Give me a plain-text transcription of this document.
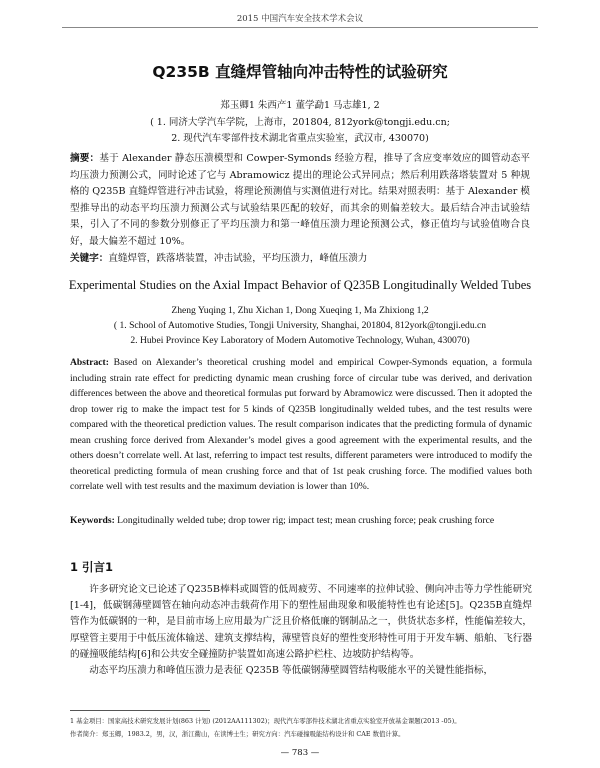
2015 中国汽车安全技术学术会议
Q235B 直缝焊管轴向冲击特性的试验研究
郑玉卿1 朱西产1 董学勐1 马志雄1, 2
( 1. 同济大学汽车学院，上海市，201804, 812york@tongji.edu.cn;
2. 现代汽车零部件技术湖北省重点实验室，武汉市, 430070)
摘要：基于 Alexander 静态压溃模型和 Cowper-Symonds 经验方程，推导了含应变率效应的圆管动态平均压溃力预测公式，同时论述了它与 Abramowicz 提出的理论公式异同点；然后利用跌落塔装置对 5 种规格的 Q235B 直缝焊管进行冲击试验，将理论预测值与实测值进行对比。结果对照表明：基于 Alexander 模型推导出的动态平均压溃力预测公式与试验结果匹配的较好，而其余的则偏差较大。最后结合冲击试验结果，引入了不同的参数分别修正了平均压溃力和第一峰值压溃力理论预测公式，修正值均与试验值吻合良好，最大偏差不超过 10%。
关键字：直缝焊管，跌落塔装置，冲击试验，平均压溃力，峰值压溃力
Experimental Studies on the Axial Impact Behavior of Q235B Longitudinally Welded Tubes
Zheng Yuqing 1, Zhu Xichan 1, Dong Xueqing 1, Ma Zhixiong 1,2
( 1. School of Automotive Studies, Tongji University, Shanghai, 201804, 812york@tongji.edu.cn
2. Hubei Province Key Laboratory of Modern Automotive Technology, Wuhan, 430070)
Abstract: Based on Alexander’s theoretical crushing model and empirical Cowper-Symonds equation, a formula including strain rate effect for predicting dynamic mean crushing force of circular tube was derived, and derivation differences between the above and theoretical formulas put forward by Abramowicz were discussed. Then it adopted the drop tower rig to make the impact test for 5 kinds of Q235B longitudinally welded tubes, and the test results were compared with the theoretical prediction values. The result comparison indicates that the predicting formula of dynamic mean crushing force derived from Alexander’s model gives a good agreement with the experimental results, and the others doesn’t correlate well. At last, referring to impact test results, different parameters were introduced to modify the theoretical predicting formula of mean crushing force and that of 1st peak crushing force. The modified values both correlate well with test results and the maximum deviation is lower than 10%.
Keywords: Longitudinally welded tube; drop tower rig; impact test; mean crushing force; peak crushing force
1 引言1

许多研究论文已论述了Q235B棒料或圆管的低周疲劳、不同速率的拉伸试验、侧向冲击等力学性能研究[1-4]，低碳钢薄壁圆管在轴向动态冲击载荷作用下的塑性屈曲现象和吸能特性也有论述[5]。Q235B直缝焊管作为低碳钢的一种，是目前市场上应用最为广泛且价格低廉的钢制品之一，供货状态多样，性能偏差较大，厚壁管主要用于中低压流体输送、建筑支撑结构，薄壁管良好的塑性变形特性可用于开发车辆、船舶、飞行器的碰撞吸能结构[6]和公共安全碰撞防护装置如高速公路护栏柱、边坡防护结构等。

动态平均压溃力和峰值压溃力是表征 Q235B 等低碳钢薄壁圆管结构吸能水平的关键性能指标，

1 基金项目：国家高技术研究发展计划(863 计划) (2012AA111302)；现代汽车零部件技术湖北省重点实验室开放基金课题(2013 -05)。
作者简介：郑玉卿，1983.2，男，汉，浙江衢山，在读博士生；研究方向：汽车碰撞吸能结构设计和 CAE 数值计算。
— 783 —
